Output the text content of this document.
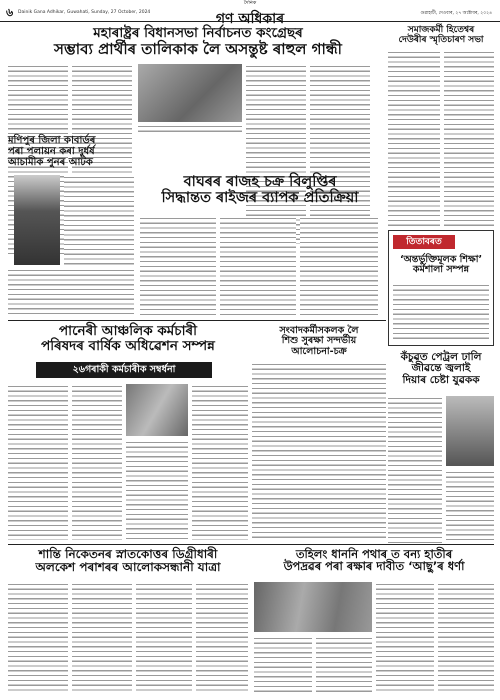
৬ Dainik Gana Adhikar, Guwahati, Sunday, 27 October, 2024
দৈনিক
গণ অধিকাৰ	গুৱাহাটী, দেওবাৰ, ২৭ অক্টোবৰ, ২০২৪
মহাৰাষ্ট্ৰৰ বিধানসভা নিৰ্বাচনত কংগ্ৰেছৰ
সম্ভাব্য প্ৰাৰ্থীৰ তালিকাক লৈ অসন্তুষ্ট ৰাহুল গান্ধী
মণিপুৰ জিলা কাবাৰ্ডৰ
পৰা পলায়ন কৰা দুৰ্ধৰ্ষ
আচামীক পুনৰ আটক
বাঘৰৰ ৰাজহ চক্ৰ বিলুপ্তিৰ
সিদ্ধান্তত ৰাইজৰ ব্যাপক প্ৰতিক্ৰিয়া
সমাজকৰ্মী হিতেশ্বৰ
দেউৰীৰ স্মৃতিচাৰণ সভা
তিতাবৰত
‘অন্তৰ্ভুক্তিমূলক শিক্ষা’
কৰ্মশালা সম্পন্ন
পানেৰী আঞ্চলিক কৰ্মচাৰী
পৰিষদৰ বাৰ্ষিক অধিৱেশন সম্পন্ন
২৬গৰাকী কৰ্মচাৰীক সম্বৰ্ধনা
সংবাদকৰ্মীসকলক লৈ
শিশু সুৰক্ষা সন্দৰ্ভীয়
আলোচনা-চক্ৰ	কঁচুৱত পেট্ৰল ঢালি
জীৱন্তে জ্বলাই
দিয়াৰ চেষ্টা যুৱকক
শান্তি নিকেতনৰ স্নাতকোত্তৰ ডিগ্ৰীধাৰী
অলকেশ পৰাশৰৰ আলোকসন্ধানী যাত্ৰা
তহিলং ধাননি পথাৰ ত বন্য হাতীৰ
উপদ্ৰৱৰ পৰা ৰক্ষাৰ দাবীত ‘আছু’ৰ ধৰ্ণা
